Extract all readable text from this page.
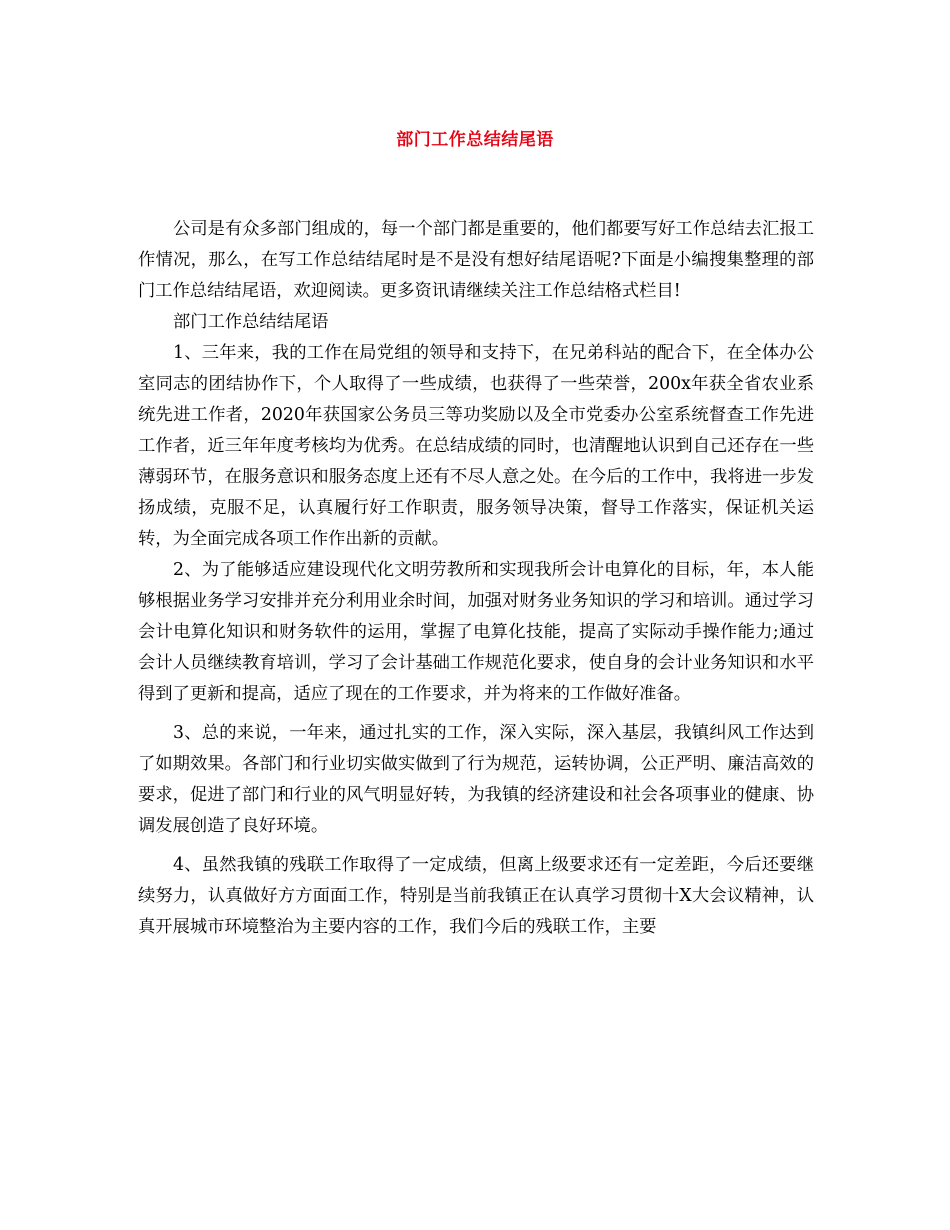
部门工作总结结尾语

公司是有众多部门组成的，每一个部门都是重要的，他们都要写好工作总结去汇报工作情况，那么，在写工作总结结尾时是不是没有想好结尾语呢?下面是小编搜集整理的部门工作总结结尾语，欢迎阅读。更多资讯请继续关注工作总结格式栏目!

部门工作总结结尾语

1、三年来，我的工作在局党组的领导和支持下，在兄弟科站的配合下，在全体办公室同志的团结协作下，个人取得了一些成绩，也获得了一些荣誉，200x年获全省农业系统先进工作者，2020年获国家公务员三等功奖励以及全市党委办公室系统督查工作先进工作者，近三年年度考核均为优秀。在总结成绩的同时，也清醒地认识到自己还存在一些薄弱环节，在服务意识和服务态度上还有不尽人意之处。在今后的工作中，我将进一步发扬成绩，克服不足，认真履行好工作职责，服务领导决策，督导工作落实，保证机关运转，为全面完成各项工作作出新的贡献。

2、为了能够适应建设现代化文明劳教所和实现我所会计电算化的目标，年，本人能够根据业务学习安排并充分利用业余时间，加强对财务业务知识的学习和培训。通过学习会计电算化知识和财务软件的运用，掌握了电算化技能，提高了实际动手操作能力;通过会计人员继续教育培训，学习了会计基础工作规范化要求，使自身的会计业务知识和水平得到了更新和提高，适应了现在的工作要求，并为将来的工作做好准备。

3、总的来说，一年来，通过扎实的工作，深入实际，深入基层，我镇纠风工作达到了如期效果。各部门和行业切实做实做到了行为规范，运转协调，公正严明、廉洁高效的要求，促进了部门和行业的风气明显好转，为我镇的经济建设和社会各项事业的健康、协调发展创造了良好环境。

4、虽然我镇的残联工作取得了一定成绩，但离上级要求还有一定差距，今后还要继续努力，认真做好方方面面工作，特别是当前我镇正在认真学习贯彻十X大会议精神，认真开展城市环境整治为主要内容的工作，我们今后的残联工作，主要
